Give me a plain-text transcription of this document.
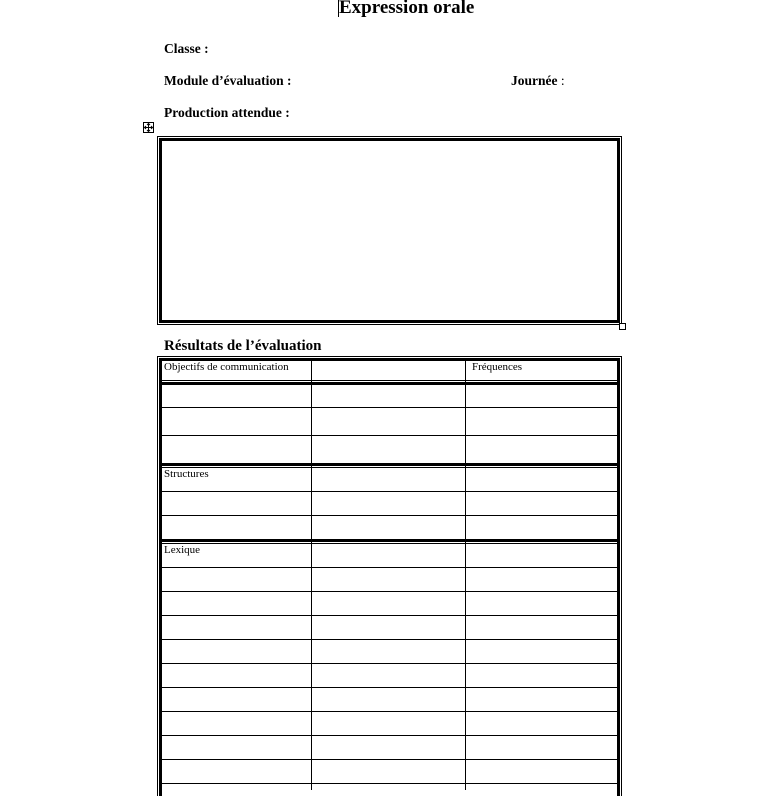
Expression orale
Classe :
Module d’évaluation :	Journée :
Production attendue :
Résultats de l’évaluation
Objectifs de communication	Fréquences
Structures
Lexique
